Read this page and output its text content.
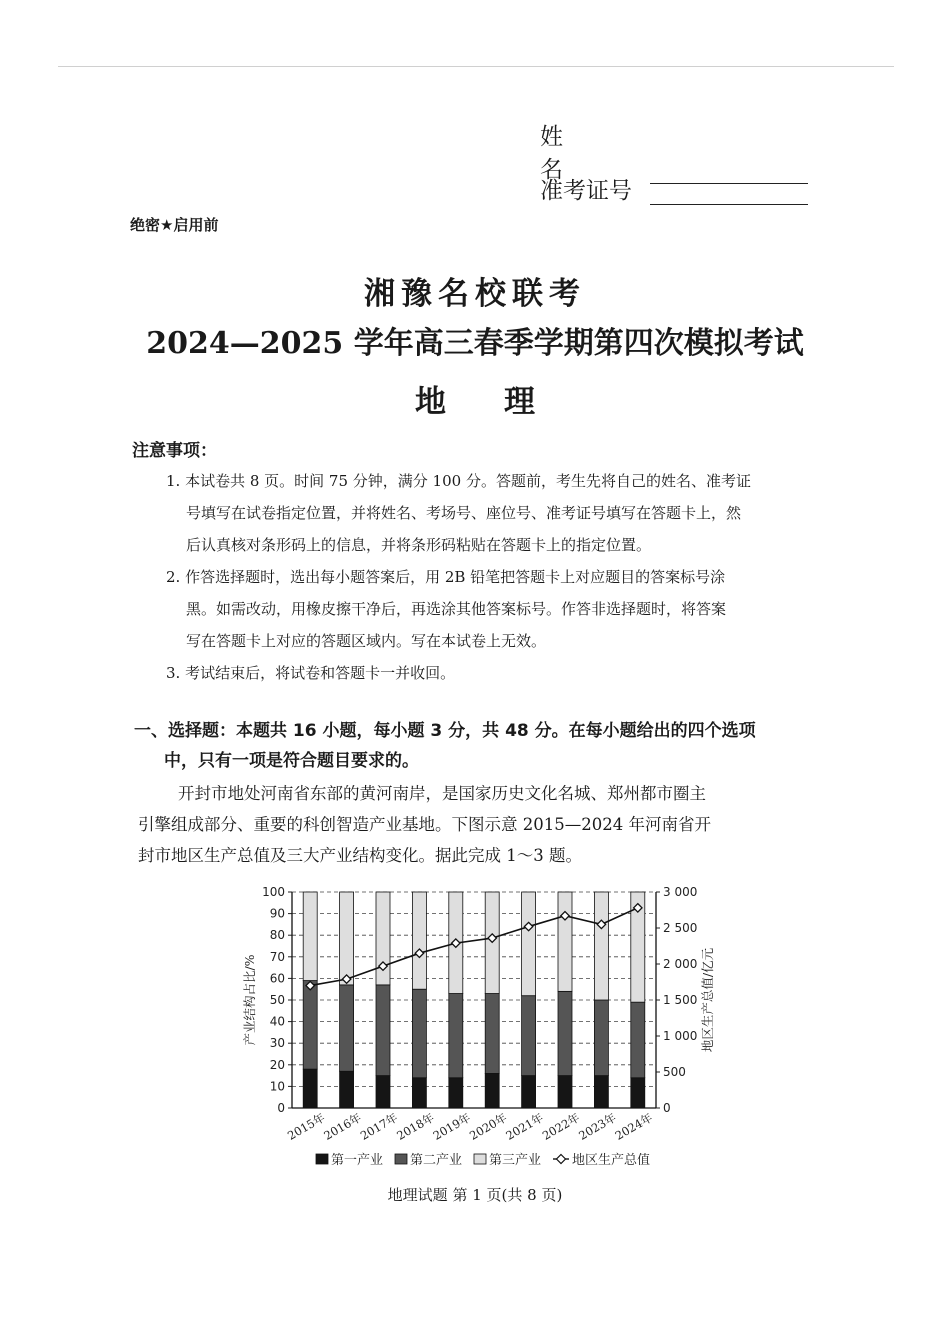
姓名
准考证号
绝密★启用前
湘豫名校联考
2024—2025 学年高三春季学期第四次模拟考试
地理
注意事项：
1. 本试卷共 8 页。时间 75 分钟，满分 100 分。答题前，考生先将自己的姓名、准考证
号填写在试卷指定位置，并将姓名、考场号、座位号、准考证号填写在答题卡上，然
后认真核对条形码上的信息，并将条形码粘贴在答题卡上的指定位置。
2. 作答选择题时，选出每小题答案后，用 2B 铅笔把答题卡上对应题目的答案标号涂
黑。如需改动，用橡皮擦干净后，再选涂其他答案标号。作答非选择题时，将答案
写在答题卡上对应的答题区域内。写在本试卷上无效。
3. 考试结束后，将试卷和答题卡一并收回。
一、选择题：本题共 16 小题，每小题 3 分，共 48 分。在每小题给出的四个选项
中，只有一项是符合题目要求的。
开封市地处河南省东部的黄河南岸，是国家历史文化名城、郑州都市圈主
引擎组成部分、重要的科创智造产业基地。下图示意 2015—2024 年河南省开
封市地区生产总值及三大产业结构变化。据此完成 1～3 题。
0
10
20
30
40
50
60
70
80
90
100
0
500
1 000
1 500
2 000
2 500
3 000
2015年
2016年
2017年
2018年
2019年
2020年
2021年
2022年
2023年
2024年
产业结构占比/%	地区生产总值/亿元
第一产业 第二产业 第三产业 地区生产总值
地理试题 第 1 页(共 8 页)
